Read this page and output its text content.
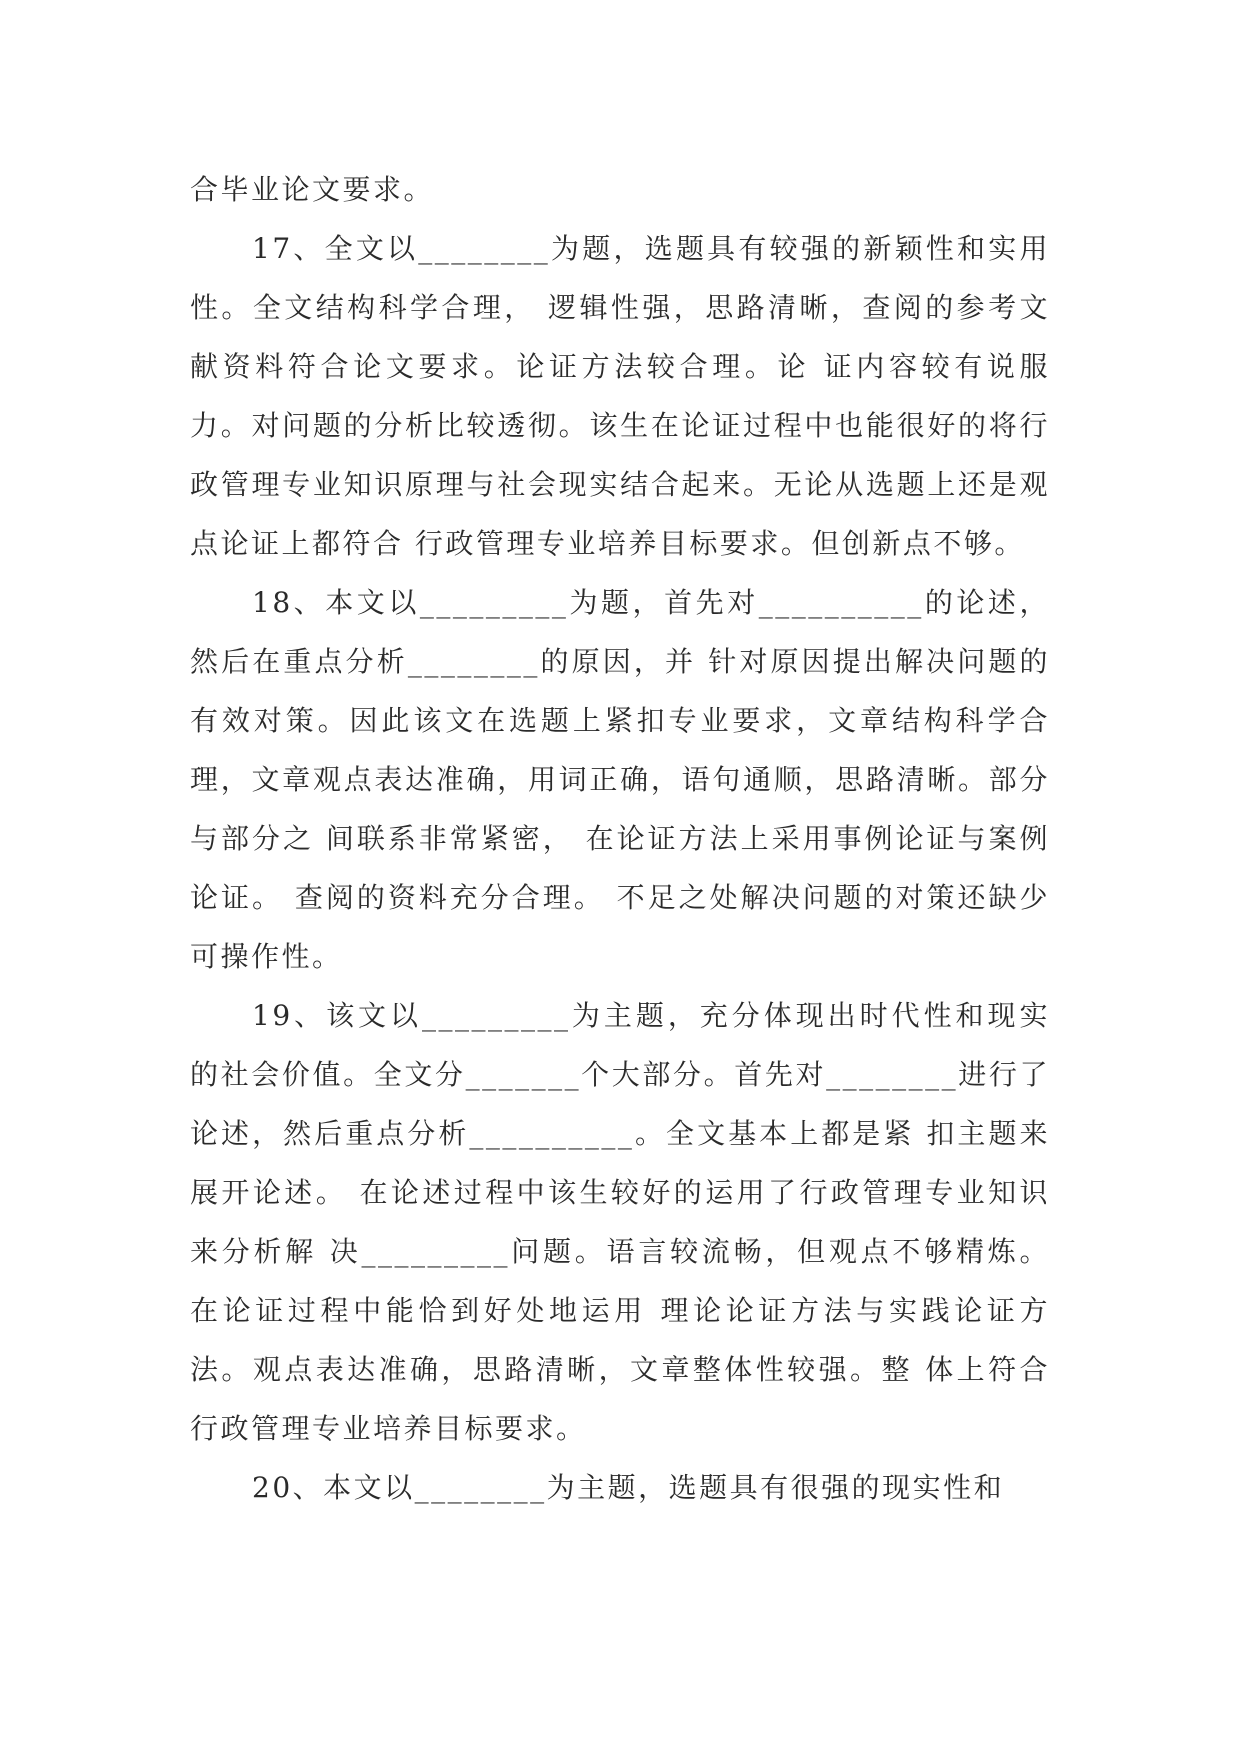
合毕业论文要求。

17、全文以________为题，选题具有较强的新颖性和实用性。全文结构科学合理， 逻辑性强，思路清晰，查阅的参考文献资料符合论文要求。论证方法较合理。论 证内容较有说服力。对问题的分析比较透彻。该生在论证过程中也能很好的将行 政管理专业知识原理与社会现实结合起来。无论从选题上还是观点论证上都符合 行政管理专业培养目标要求。但创新点不够。

18、本文以_________为题，首先对__________的论述，然后在重点分析________的原因，并 针对原因提出解决问题的有效对策。因此该文在选题上紧扣专业要求，文章结构科学合理，文章观点表达准确，用词正确，语句通顺，思路清晰。部分与部分之 间联系非常紧密， 在论证方法上采用事例论证与案例论证。 查阅的资料充分合理。 不足之处解决问题的对策还缺少可操作性。

19、该文以_________为主题，充分体现出时代性和现实的社会价值。全文分_______个大部分。首先对________进行了论述，然后重点分析__________。全文基本上都是紧 扣主题来展开论述。 在论述过程中该生较好的运用了行政管理专业知识来分析解 决_________问题。语言较流畅，但观点不够精炼。在论证过程中能恰到好处地运用 理论论证方法与实践论证方法。观点表达准确，思路清晰，文章整体性较强。整 体上符合行政管理专业培养目标要求。

20、本文以________为主题，选题具有很强的现实性和
